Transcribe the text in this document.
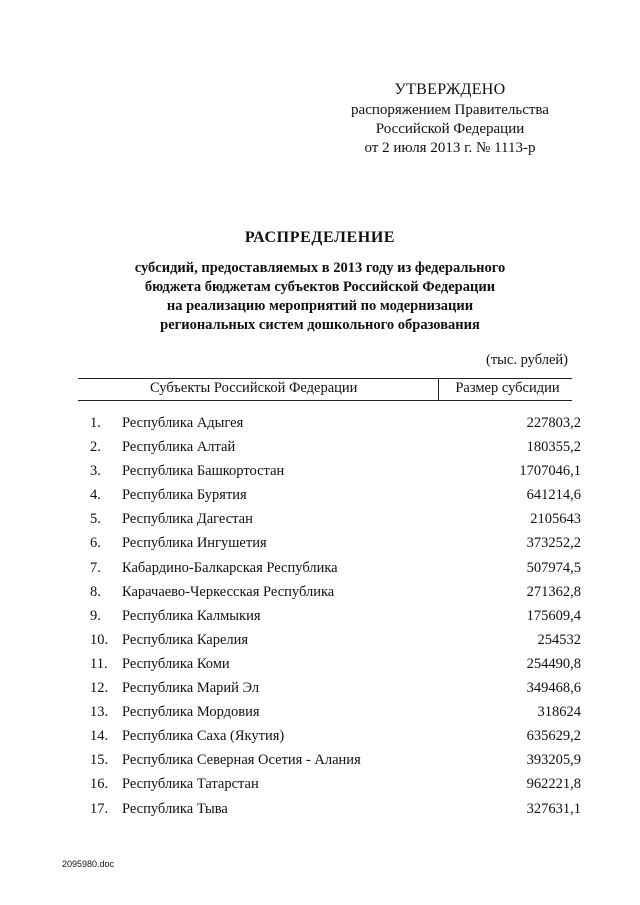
УТВЕРЖДЕНО
распоряжением Правительства
Российской Федерации
от 2 июля 2013 г. № 1113-р
РАСПРЕДЕЛЕНИЕ
субсидий, предоставляемых в 2013 году из федерального
бюджета бюджетам субъектов Российской Федерации
на реализацию мероприятий по модернизации
региональных систем дошкольного образования
(тыс. рублей)
Субъекты Российской Федерации	Размер субсидии
1.	Республика Адыгея	227803,2
2.	Республика Алтай	180355,2
3.	Республика Башкортостан	1707046,1
4.	Республика Бурятия	641214,6
5.	Республика Дагестан	2105643
6.	Республика Ингушетия	373252,2
7.	Кабардино-Балкарская Республика	507974,5
8.	Карачаево-Черкесская Республика	271362,8
9.	Республика Калмыкия	175609,4
10. Республика Карелия	254532
11. Республика Коми	254490,8
12. Республика Марий Эл	349468,6
13. Республика Мордовия	318624
14. Республика Саха (Якутия)	635629,2
15. Республика Северная Осетия - Алания	393205,9
16. Республика Татарстан	962221,8
17. Республика Тыва	327631,1
2095980.doc
